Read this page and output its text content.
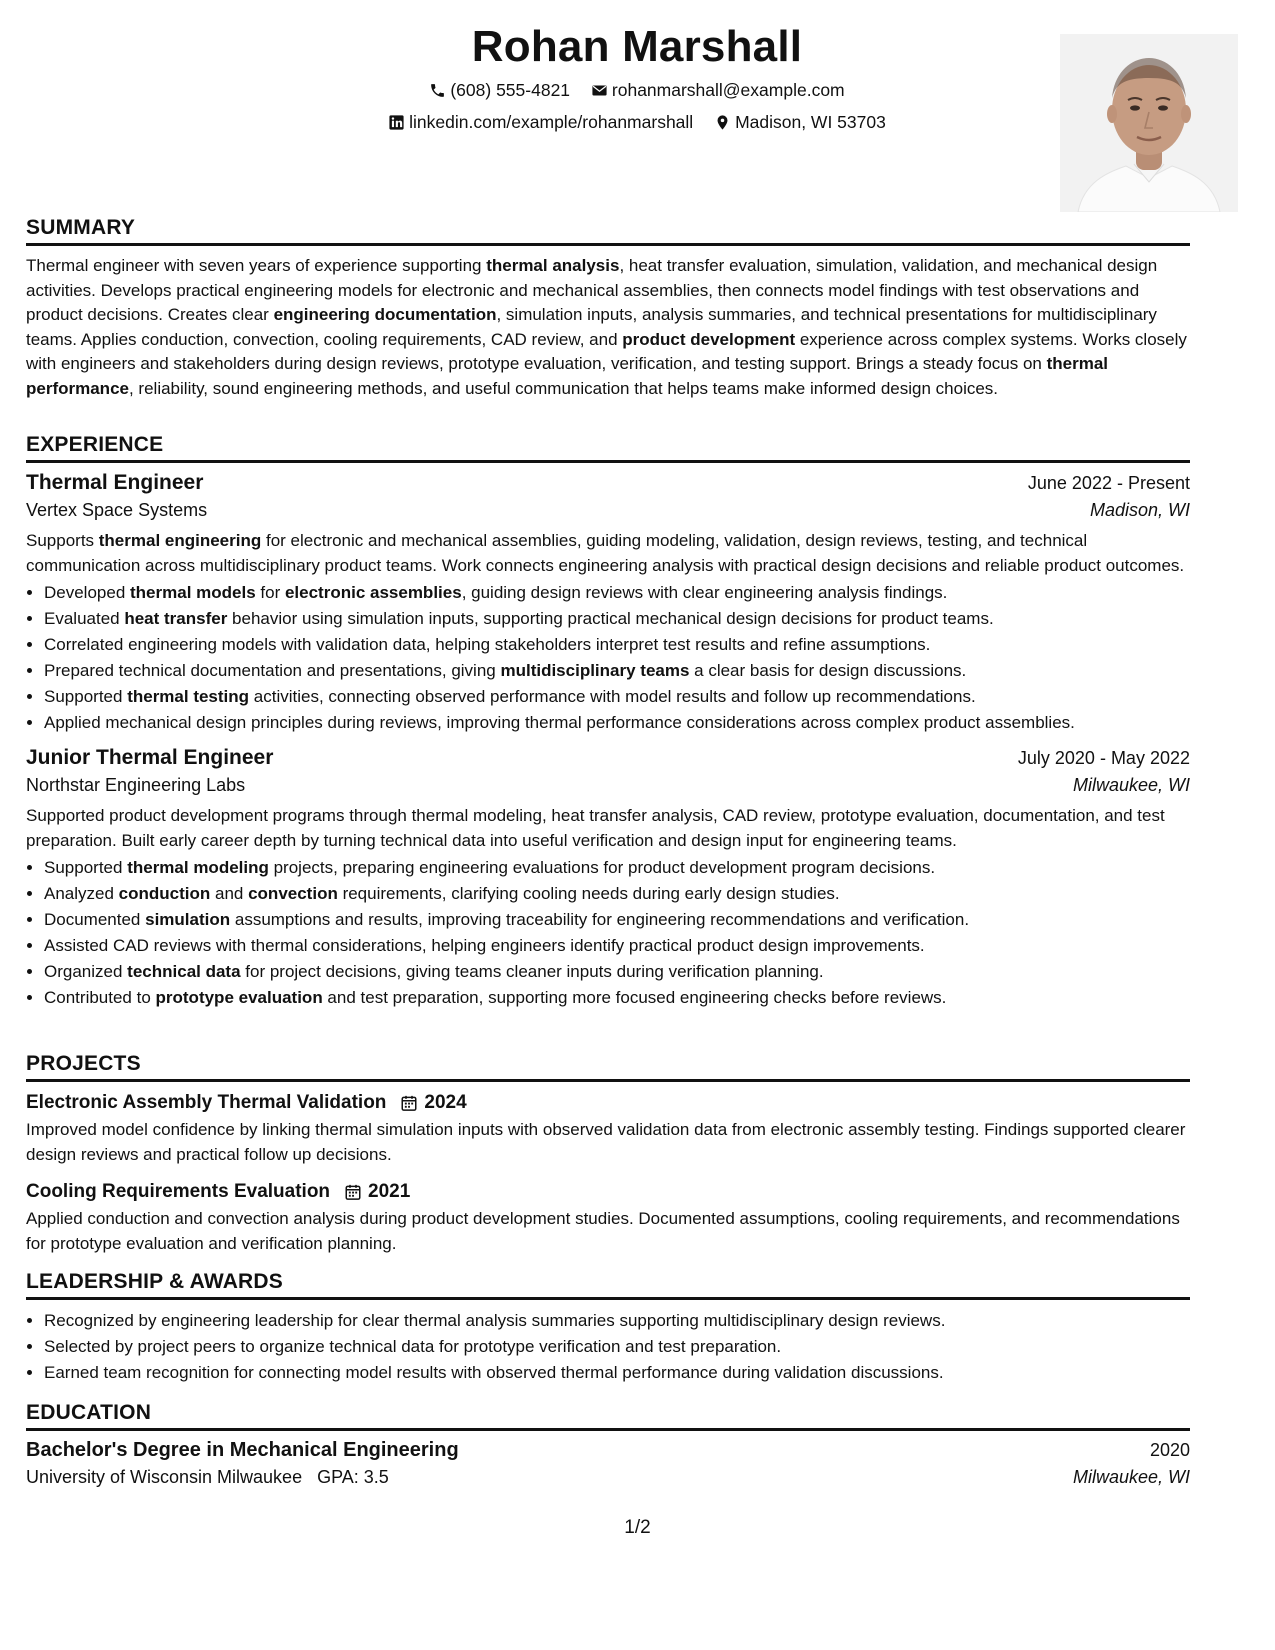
Rohan Marshall
(608) 555-4821
rohanmarshall@example.com
linkedin.com/example/rohanmarshall
Madison, WI 53703
SUMMARY

Thermal engineer with seven years of experience supporting thermal analysis, heat transfer evaluation, simulation, validation, and mechanical design activities. Develops practical engineering models for electronic and mechanical assemblies, then connects model findings with test observations and product decisions. Creates clear engineering documentation, simulation inputs, analysis summaries, and technical presentations for multidisciplinary teams. Applies conduction, convection, cooling requirements, CAD review, and product development experience across complex systems. Works closely with engineers and stakeholders during design reviews, prototype evaluation, verification, and testing support. Brings a steady focus on thermal performance, reliability, sound engineering methods, and useful communication that helps teams make informed design choices.

EXPERIENCE
Thermal Engineer	June 2022 - Present
Vertex Space Systems	Madison, WI

Supports thermal engineering for electronic and mechanical assemblies, guiding modeling, validation, design reviews, testing, and technical communication across multidisciplinary product teams. Work connects engineering analysis with practical design decisions and reliable product outcomes.

• Developed thermal models for electronic assemblies, guiding design reviews with clear engineering analysis findings.
• Evaluated heat transfer behavior using simulation inputs, supporting practical mechanical design decisions for product teams.
• Correlated engineering models with validation data, helping stakeholders interpret test results and refine assumptions.
• Prepared technical documentation and presentations, giving multidisciplinary teams a clear basis for design discussions.
• Supported thermal testing activities, connecting observed performance with model results and follow up recommendations.
• Applied mechanical design principles during reviews, improving thermal performance considerations across complex product assemblies.
Junior Thermal Engineer	July 2020 - May 2022
Northstar Engineering Labs	Milwaukee, WI

Supported product development programs through thermal modeling, heat transfer analysis, CAD review, prototype evaluation, documentation, and test preparation. Built early career depth by turning technical data into useful verification and design input for engineering teams.

• Supported thermal modeling projects, preparing engineering evaluations for product development program decisions.
• Analyzed conduction and convection requirements, clarifying cooling needs during early design studies.
• Documented simulation assumptions and results, improving traceability for engineering recommendations and verification.
• Assisted CAD reviews with thermal considerations, helping engineers identify practical product design improvements.
• Organized technical data for project decisions, giving teams cleaner inputs during verification planning.
• Contributed to prototype evaluation and test preparation, supporting more focused engineering checks before reviews.
PROJECTS
Electronic Assembly Thermal Validation 2024

Improved model confidence by linking thermal simulation inputs with observed validation data from electronic assembly testing. Findings supported clearer design reviews and practical follow up decisions.

Cooling Requirements Evaluation 2021

Applied conduction and convection analysis during product development studies. Documented assumptions, cooling requirements, and recommendations for prototype evaluation and verification planning.

LEADERSHIP & AWARDS
• Recognized by engineering leadership for clear thermal analysis summaries supporting multidisciplinary design reviews.
• Selected by project peers to organize technical data for prototype verification and test preparation.
• Earned team recognition for connecting model results with observed thermal performance during validation discussions.
EDUCATION
Bachelor's Degree in Mechanical Engineering	2020
University of Wisconsin Milwaukee GPA: 3.5	Milwaukee, WI
1/2
